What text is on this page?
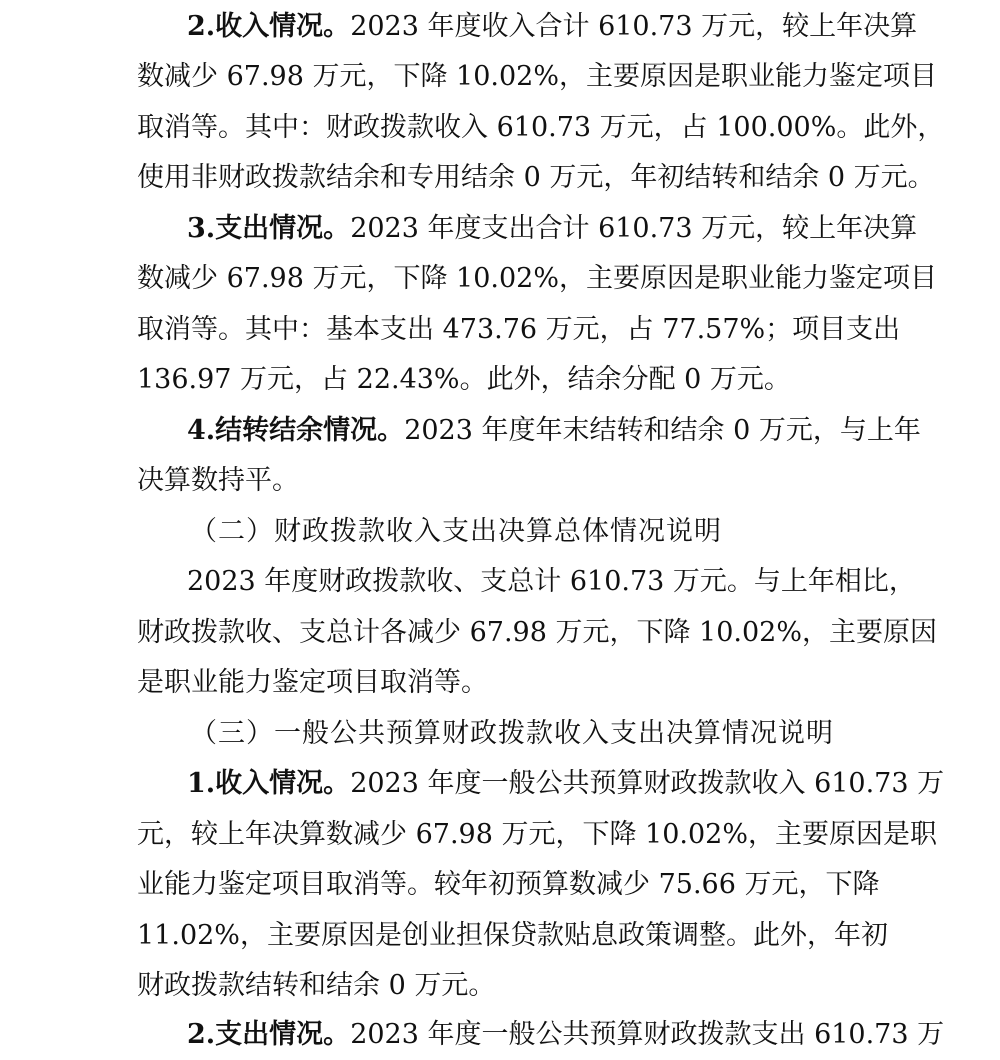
2.收入情况。2023 年度收入合计 610.73 万元，较上年决算
数减少 67.98 万元，下降 10.02%，主要原因是职业能力鉴定项目
取消等。其中：财政拨款收入 610.73 万元，占 100.00%。此外，
使用非财政拨款结余和专用结余 0 万元，年初结转和结余 0 万元。
3.支出情况。2023 年度支出合计 610.73 万元，较上年决算
数减少 67.98 万元，下降 10.02%，主要原因是职业能力鉴定项目
取消等。其中：基本支出 473.76 万元，占 77.57%；项目支出
136.97 万元，占 22.43%。此外，结余分配 0 万元。
4.结转结余情况。2023 年度年末结转和结余 0 万元，与上年
决算数持平。
（二）财政拨款收入支出决算总体情况说明
2023 年度财政拨款收、支总计 610.73 万元。与上年相比，
财政拨款收、支总计各减少 67.98 万元，下降 10.02%，主要原因
是职业能力鉴定项目取消等。
（三）一般公共预算财政拨款收入支出决算情况说明
1.收入情况。2023 年度一般公共预算财政拨款收入 610.73 万
元，较上年决算数减少 67.98 万元，下降 10.02%，主要原因是职
业能力鉴定项目取消等。较年初预算数减少 75.66 万元，下降
11.02%，主要原因是创业担保贷款贴息政策调整。此外，年初
财政拨款结转和结余 0 万元。
2.支出情况。2023 年度一般公共预算财政拨款支出 610.73 万
